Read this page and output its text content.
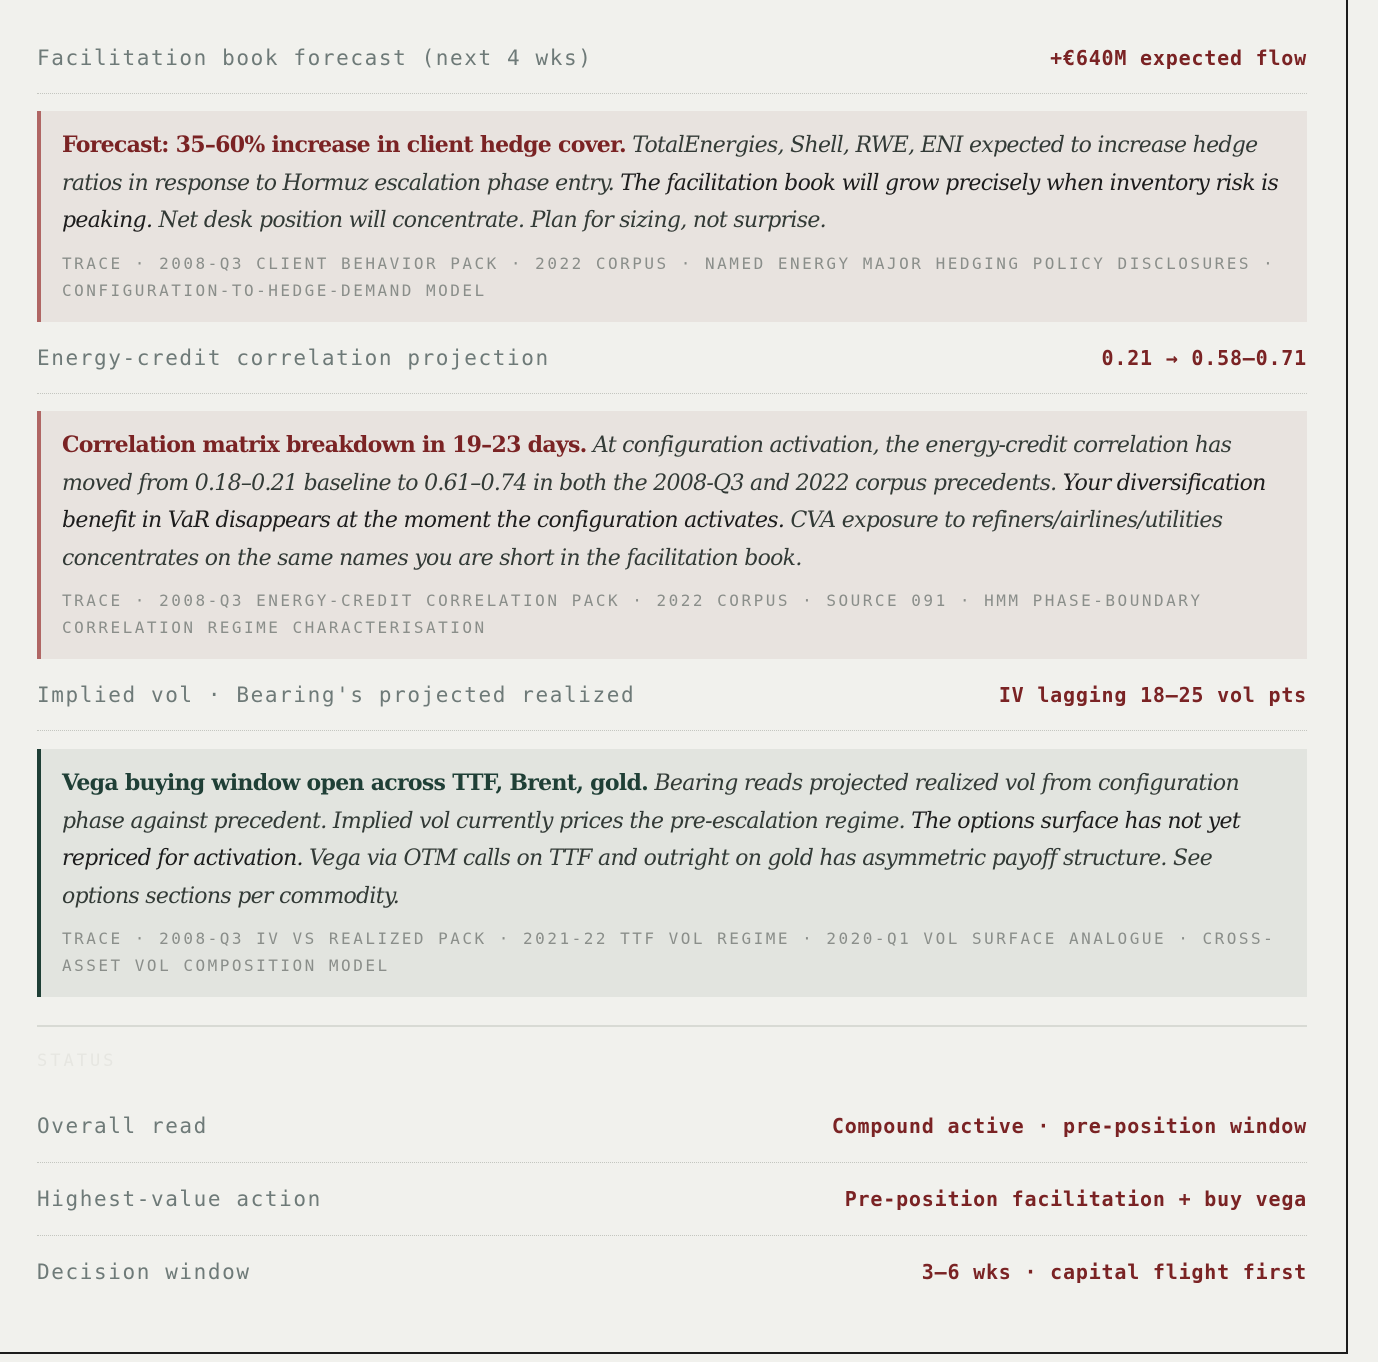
Facilitation book forecast (next 4 wks)	+€640M expected flow
Forecast: 35–60% increase in client hedge cover. TotalEnergies, Shell, RWE, ENI expected to increase hedge ratios in response to Hormuz escalation phase entry. The facilitation book will grow precisely when inventory risk is peaking. Net desk position will concentrate. Plan for sizing, not surprise.
TRACE · 2008-Q3 CLIENT BEHAVIOR PACK · 2022 CORPUS · NAMED ENERGY MAJOR HEDGING POLICY DISCLOSURES · CONFIGURATION-TO-HEDGE-DEMAND MODEL
Energy-credit correlation projection	0.21 → 0.58–0.71
Correlation matrix breakdown in 19–23 days. At configuration activation, the energy-credit correlation has moved from 0.18–0.21 baseline to 0.61–0.74 in both the 2008-Q3 and 2022 corpus precedents. Your diversification benefit in VaR disappears at the moment the configuration activates. CVA exposure to refiners/airlines/utilities concentrates on the same names you are short in the facilitation book.
TRACE · 2008-Q3 ENERGY-CREDIT CORRELATION PACK · 2022 CORPUS · SOURCE 091 · HMM PHASE-BOUNDARY CORRELATION REGIME CHARACTERISATION
Implied vol · Bearing's projected realized	IV lagging 18–25 vol pts
Vega buying window open across TTF, Brent, gold. Bearing reads projected realized vol from configuration phase against precedent. Implied vol currently prices the pre-escalation regime. The options surface has not yet repriced for activation. Vega via OTM calls on TTF and outright on gold has asymmetric payoff structure. See options sections per commodity.
TRACE · 2008-Q3 IV VS REALIZED PACK · 2021-22 TTF VOL REGIME · 2020-Q1 VOL SURFACE ANALOGUE · CROSS-ASSET VOL COMPOSITION MODEL
STATUS
Overall read	Compound active · pre-position window
Highest-value action	Pre-position facilitation + buy vega
Decision window	3–6 wks · capital flight first
